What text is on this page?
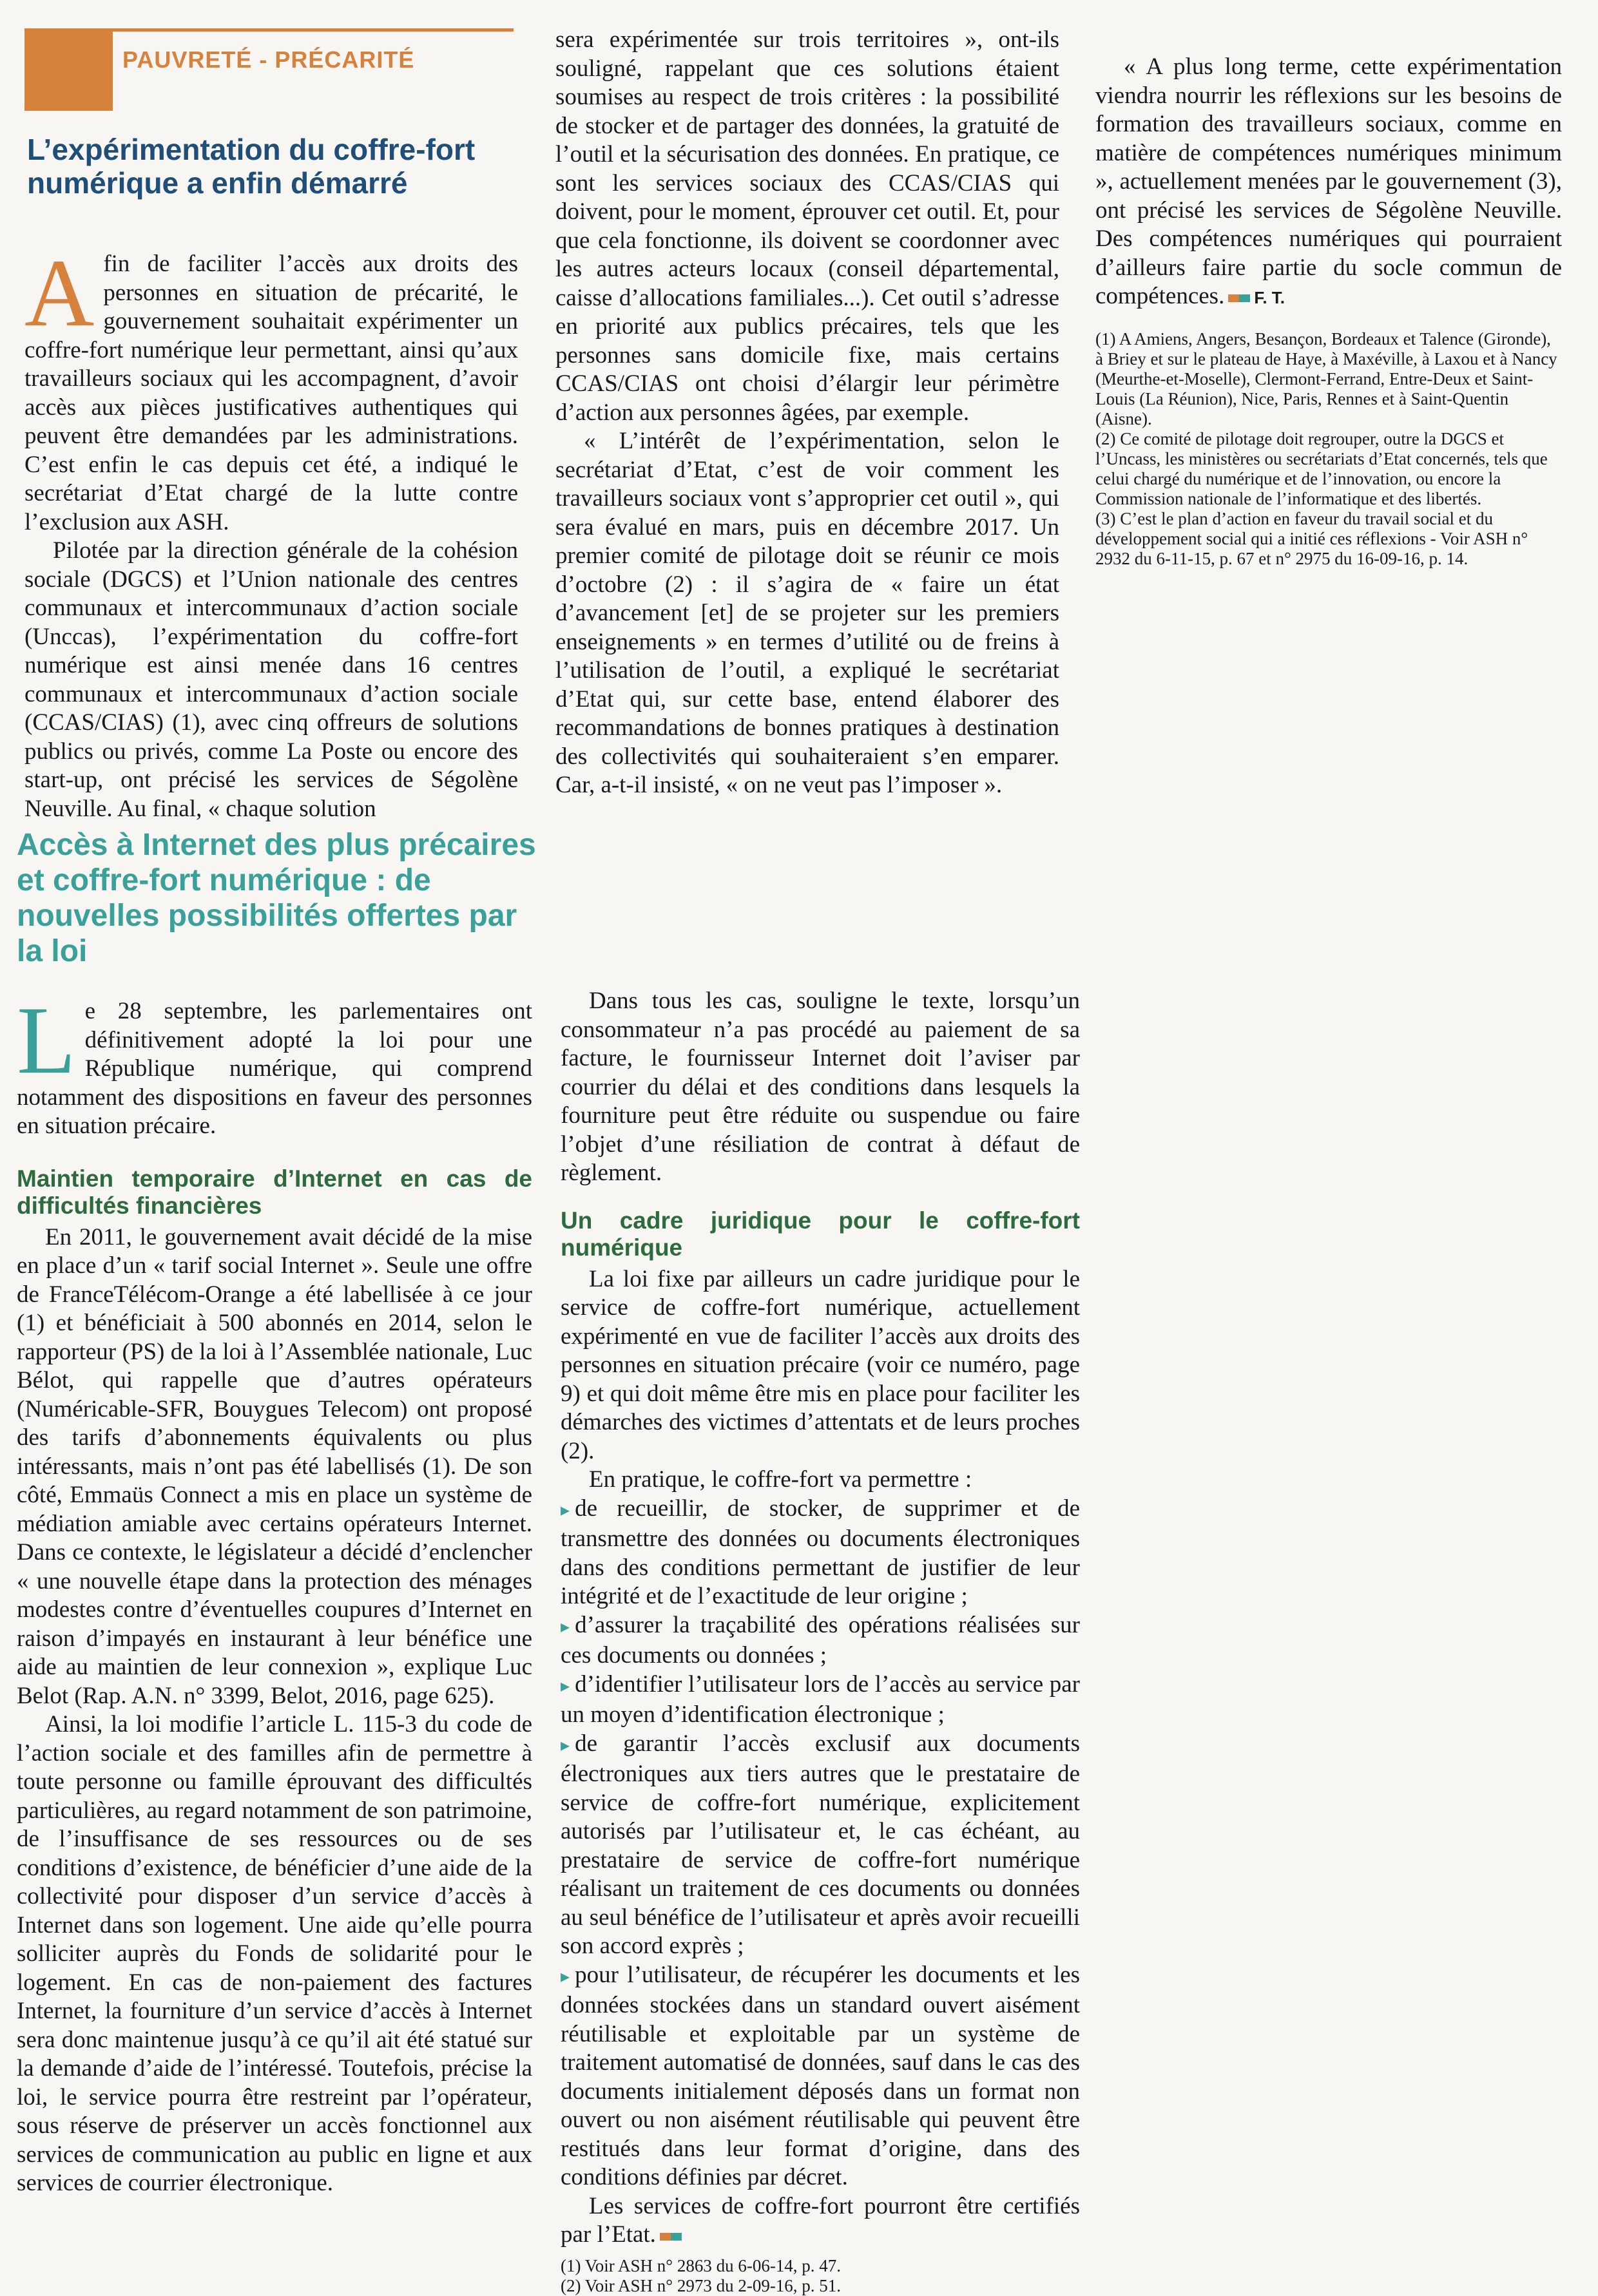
PAUVRETÉ - PRÉCARITÉ
L’expérimentation du coffre-fort numérique a enfin démarré

Afin de faciliter l’accès aux droits des personnes en situation de précarité, le gouvernement souhaitait expérimenter un coffre-fort numérique leur permettant, ainsi qu’aux travailleurs sociaux qui les accompagnent, d’avoir accès aux pièces justificatives authentiques qui peuvent être demandées par les administrations. C’est enfin le cas depuis cet été, a indiqué le secrétariat d’Etat chargé de la lutte contre l’exclusion aux ASH.

Pilotée par la direction générale de la cohésion sociale (DGCS) et l’Union nationale des centres communaux et intercommunaux d’action sociale (Unccas), l’expérimentation du coffre-fort numérique est ainsi menée dans 16 centres communaux et intercommunaux d’action sociale (CCAS/CIAS) (1), avec cinq offreurs de solutions publics ou privés, comme La Poste ou encore des start-up, ont précisé les services de Ségolène Neuville. Au final, « chaque solution

sera expérimentée sur trois territoires », ont-ils souligné, rappelant que ces solutions étaient soumises au respect de trois critères : la possibilité de stocker et de partager des données, la gratuité de l’outil et la sécurisation des données. En pratique, ce sont les services sociaux des CCAS/CIAS qui doivent, pour le moment, éprouver cet outil. Et, pour que cela fonctionne, ils doivent se coordonner avec les autres acteurs locaux (conseil départemental, caisse d’allocations familiales...). Cet outil s’adresse en priorité aux publics précaires, tels que les personnes sans domicile fixe, mais certains CCAS/CIAS ont choisi d’élargir leur périmètre d’action aux personnes âgées, par exemple.

« L’intérêt de l’expérimentation, selon le secrétariat d’Etat, c’est de voir comment les travailleurs sociaux vont s’approprier cet outil », qui sera évalué en mars, puis en décembre 2017. Un premier comité de pilotage doit se réunir ce mois d’octobre (2) : il s’agira de « faire un état d’avancement [et] de se projeter sur les premiers enseignements » en termes d’utilité ou de freins à l’utilisation de l’outil, a expliqué le secrétariat d’Etat qui, sur cette base, entend élaborer des recommandations de bonnes pratiques à destination des collectivités qui souhaiteraient s’en emparer. Car, a-t-il insisté, « on ne veut pas l’imposer ».

« A plus long terme, cette expérimentation viendra nourrir les réflexions sur les besoins de formation des travailleurs sociaux, comme en matière de compétences numériques minimum », actuellement menées par le gouvernement (3), ont précisé les services de Ségolène Neuville. Des compétences numériques qui pourraient d’ailleurs faire partie du socle commun de compétences. F. T.

(1) A Amiens, Angers, Besançon, Bordeaux et Talence (Gironde), à Briey et sur le plateau de Haye, à Maxéville, à Laxou et à Nancy (Meurthe-et-Moselle), Clermont-Ferrand, Entre-Deux et Saint-Louis (La Réunion), Nice, Paris, Rennes et à Saint-Quentin (Aisne).
(2) Ce comité de pilotage doit regrouper, outre la DGCS et l’Uncass, les ministères ou secrétariats d’Etat concernés, tels que celui chargé du numérique et de l’innovation, ou encore la Commission nationale de l’informatique et des libertés.
(3) C’est le plan d’action en faveur du travail social et du développement social qui a initié ces réflexions - Voir ASH n° 2932 du 6-11-15, p. 67 et n° 2975 du 16-09-16, p. 14.
Accès à Internet des plus précaires et coffre-fort numérique : de nouvelles possibilités offertes par la loi

Le 28 septembre, les parlementaires ont définitivement adopté la loi pour une République numérique, qui comprend notamment des dispositions en faveur des personnes en situation précaire.

Maintien temporaire d’Internet en cas de difficultés financières

En 2011, le gouvernement avait décidé de la mise en place d’un « tarif social Internet ». Seule une offre de FranceTélécom-Orange a été labellisée à ce jour (1) et bénéficiait à 500 abonnés en 2014, selon le rapporteur (PS) de la loi à l’Assemblée nationale, Luc Bélot, qui rappelle que d’autres opérateurs (Numéricable-SFR, Bouygues Telecom) ont proposé des tarifs d’abonnements équivalents ou plus intéressants, mais n’ont pas été labellisés (1). De son côté, Emmaüs Connect a mis en place un système de médiation amiable avec certains opérateurs Internet. Dans ce contexte, le législateur a décidé d’enclencher « une nouvelle étape dans la protection des ménages modestes contre d’éventuelles coupures d’Internet en raison d’impayés en instaurant à leur bénéfice une aide au maintien de leur connexion », explique Luc Belot (Rap. A.N. n° 3399, Belot, 2016, page 625).

Ainsi, la loi modifie l’article L. 115-3 du code de l’action sociale et des familles afin de permettre à toute personne ou famille éprouvant des difficultés particulières, au regard notamment de son patrimoine, de l’insuffisance de ses ressources ou de ses conditions d’existence, de bénéficier d’une aide de la collectivité pour disposer d’un service d’accès à Internet dans son logement. Une aide qu’elle pourra solliciter auprès du Fonds de solidarité pour le logement. En cas de non-paiement des factures Internet, la fourniture d’un service d’accès à Internet sera donc maintenue jusqu’à ce qu’il ait été statué sur la demande d’aide de l’intéressé. Toutefois, précise la loi, le service pourra être restreint par l’opérateur, sous réserve de préserver un accès fonctionnel aux services de communication au public en ligne et aux services de courrier électronique.

Dans tous les cas, souligne le texte, lorsqu’un consommateur n’a pas procédé au paiement de sa facture, le fournisseur Internet doit l’aviser par courrier du délai et des conditions dans lesquels la fourniture peut être réduite ou suspendue ou faire l’objet d’une résiliation de contrat à défaut de règlement.

Un cadre juridique pour le coffre-fort numérique

La loi fixe par ailleurs un cadre juridique pour le service de coffre-fort numérique, actuellement expérimenté en vue de faciliter l’accès aux droits des personnes en situation précaire (voir ce numéro, page 9) et qui doit même être mis en place pour faciliter les démarches des victimes d’attentats et de leurs proches (2).

En pratique, le coffre-fort va permettre :

▸ de recueillir, de stocker, de supprimer et de transmettre des données ou documents électroniques dans des conditions permettant de justifier de leur intégrité et de l’exactitude de leur origine ;

▸ d’assurer la traçabilité des opérations réalisées sur ces documents ou données ;

▸ d’identifier l’utilisateur lors de l’accès au service par un moyen d’identification électronique ;

▸ de garantir l’accès exclusif aux documents électroniques aux tiers autres que le prestataire de service de coffre-fort numérique, explicitement autorisés par l’utilisateur et, le cas échéant, au prestataire de service de coffre-fort numérique réalisant un traitement de ces documents ou données au seul bénéfice de l’utilisateur et après avoir recueilli son accord exprès ;

▸ pour l’utilisateur, de récupérer les documents et les données stockées dans un standard ouvert aisément réutilisable et exploitable par un système de traitement automatisé de données, sauf dans le cas des documents initialement déposés dans un format non ouvert ou non aisément réutilisable qui peuvent être restitués dans leur format d’origine, dans des conditions définies par décret.

Les services de coffre-fort pourront être certifiés par l’Etat.

(1) Voir ASH n° 2863 du 6-06-14, p. 47.
(2) Voir ASH n° 2973 du 2-09-16, p. 51.
